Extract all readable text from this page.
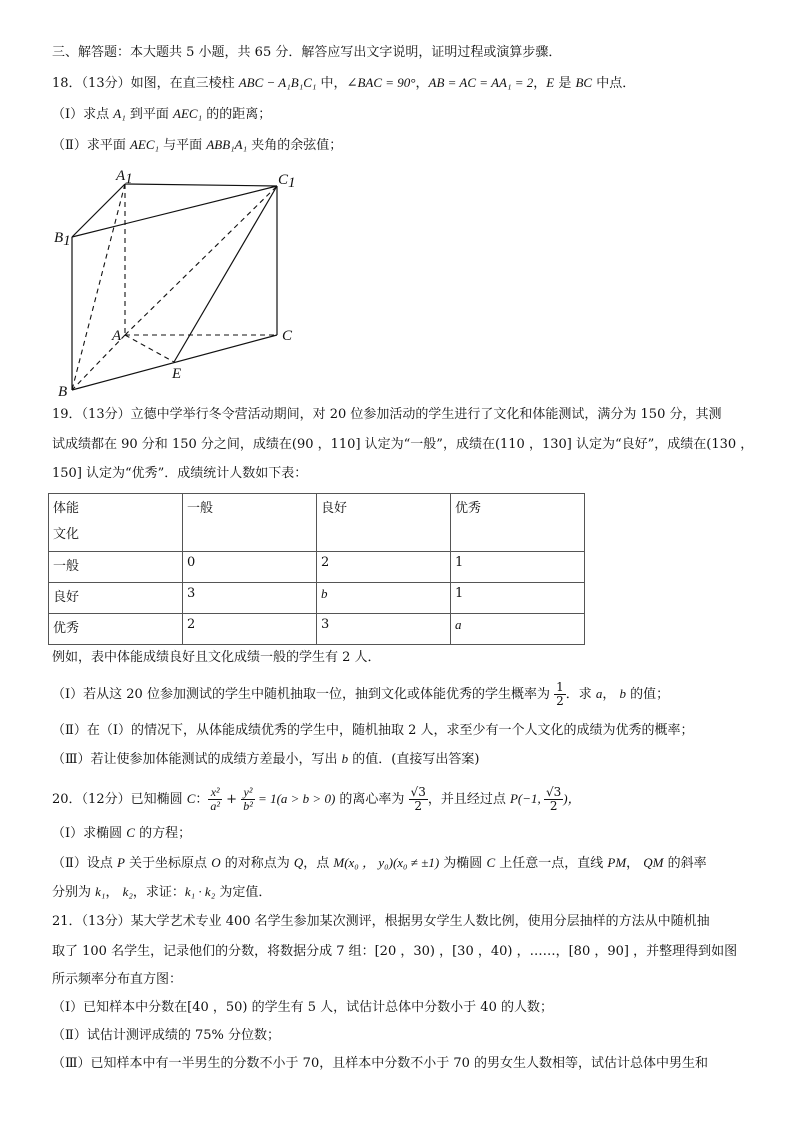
三、解答题：本大题共 5 小题，共 65 分．解答应写出文字说明，证明过程或演算步骤．
18．（13分）如图，在直三棱柱 ABC − A₁B₁C₁ 中，∠BAC = 90°，AB = AC = AA₁ = 2，E 是 BC 中点．
（Ⅰ）求点 A₁ 到平面 AEC₁ 的的距离；
（Ⅱ）求平面 AEC₁ 与平面 ABB₁A₁ 夹角的余弦值；
A1	C1
B1
A	C
B
E
19．（13分）立德中学举行冬令营活动期间，对 20 位参加活动的学生进行了文化和体能测试，满分为 150 分，其测
试成绩都在 90 分和 150 分之间，成绩在(90 ，110] 认定为“一般”，成绩在(110 ，130] 认定为“良好”，成绩在(130 ，
150] 认定为“优秀”．成绩统计人数如下表：
体能
文化	一般	良好	优秀
一般	0	2	1
良好	3	b	1
优秀	2	3	a
例如，表中体能成绩良好且文化成绩一般的学生有 2 人．
（Ⅰ）若从这 20 位参加测试的学生中随机抽取一位，抽到文化或体能优秀的学生概率为 $\frac{1}{2}$ ．求 a， b 的值；
（Ⅱ）在（Ⅰ）的情况下，从体能成绩优秀的学生中，随机抽取 2 人，求至少有一个人文化的成绩为优秀的概率；
（Ⅲ）若让使参加体能测试的成绩方差最小，写出 b 的值．(直接写出答案)
20．（12分）已知椭圆 C： $\frac{\text{x²}}{\text{a²}} + \frac{\text{y²}}{\text{b²}} = 1(a > b > 0)$ 的离心率为 $\frac{√3}{2}$ ，并且经过点 P(−1, $\frac{√3}{2}$ )，
（Ⅰ）求椭圆 C 的方程；
（Ⅱ）设点 P 关于坐标原点 O 的对称点为 Q，点 M(x₀ ， y₀)(x₀ ≠ ±1) 为椭圆 C 上任意一点，直线 PM， QM 的斜率
分别为 k₁， k₂，求证：k₁ · k₂ 为定值．
21．（13分）某大学艺术专业 400 名学生参加某次测评，根据男女学生人数比例，使用分层抽样的方法从中随机抽
取了 100 名学生，记录他们的分数，将数据分成 7 组：[20 ，30) ，[30 ，40) ，……，[80 ，90] ，并整理得到如图
所示频率分布直方图：
（Ⅰ）已知样本中分数在[40 ，50) 的学生有 5 人，试估计总体中分数小于 40 的人数；
（Ⅱ）试估计测评成绩的 75% 分位数；
（Ⅲ）已知样本中有一半男生的分数不小于 70，且样本中分数不小于 70 的男女生人数相等，试估计总体中男生和
